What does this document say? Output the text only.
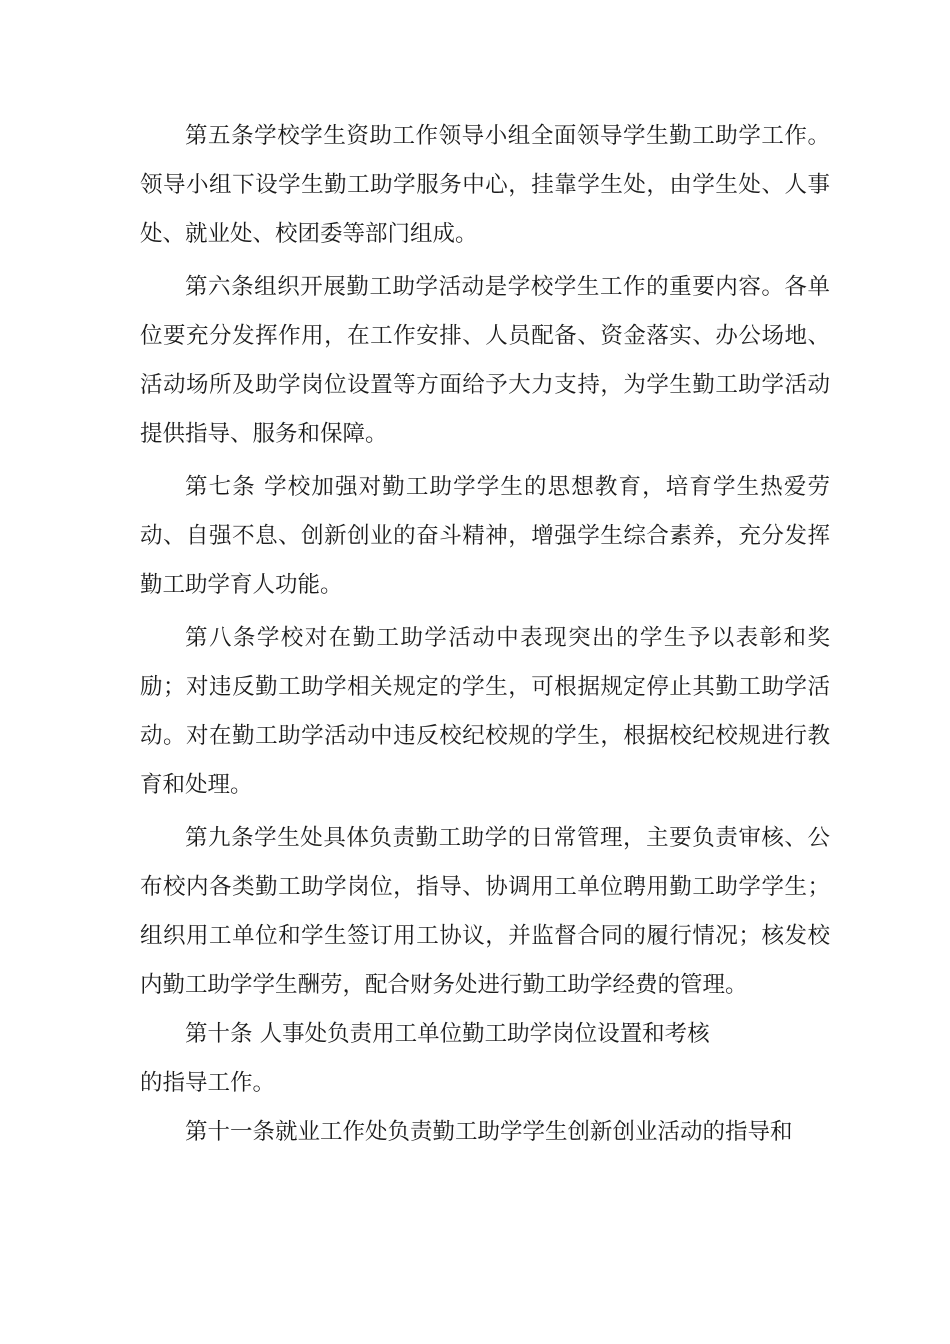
第五条学校学生资助工作领导小组全面领导学生勤工助学工作。领导小组下设学生勤工助学服务中心，挂靠学生处，由学生处、人事处、就业处、校团委等部门组成。

第六条组织开展勤工助学活动是学校学生工作的重要内容。各单位要充分发挥作用，在工作安排、人员配备、资金落实、办公场地、活动场所及助学岗位设置等方面给予大力支持，为学生勤工助学活动提供指导、服务和保障。

第七条 学校加强对勤工助学学生的思想教育，培育学生热爱劳动、自强不息、创新创业的奋斗精神，增强学生综合素养，充分发挥勤工助学育人功能。

第八条学校对在勤工助学活动中表现突出的学生予以表彰和奖励；对违反勤工助学相关规定的学生，可根据规定停止其勤工助学活动。对在勤工助学活动中违反校纪校规的学生，根据校纪校规进行教育和处理。

第九条学生处具体负责勤工助学的日常管理，主要负责审核、公布校内各类勤工助学岗位，指导、协调用工单位聘用勤工助学学生；组织用工单位和学生签订用工协议，并监督合同的履行情况；核发校内勤工助学学生酬劳，配合财务处进行勤工助学经费的管理。

第十条 人事处负责用工单位勤工助学岗位设置和考核
的指导工作。

第十一条就业工作处负责勤工助学学生创新创业活动的指导和
